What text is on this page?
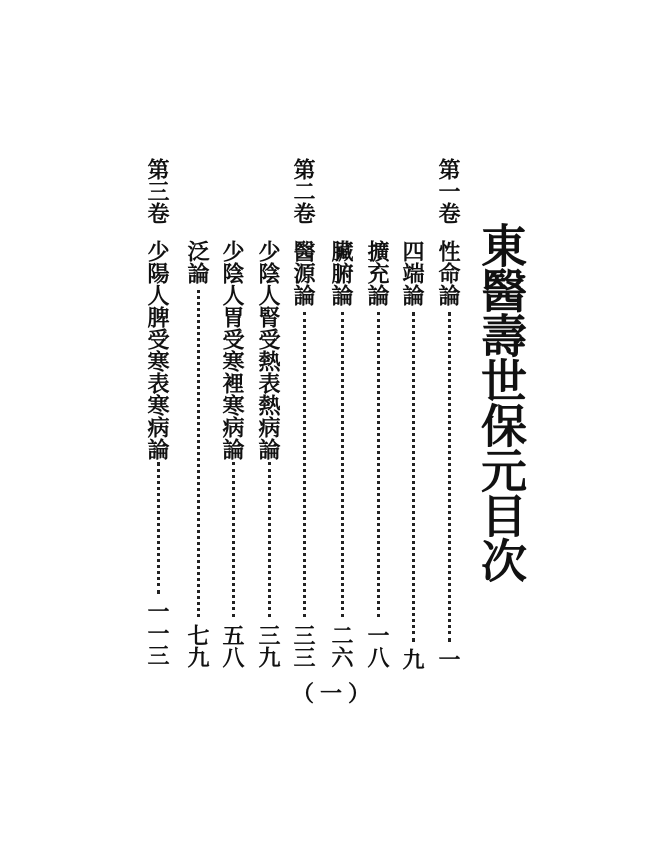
東醫壽世保元目次
第一卷
性命論
一
四端論
九
擴充論
一八
臟腑論
二六
第二卷
醫源論
三三
少陰人腎受熱表熱病論
三九
少陰人胃受寒裡寒病論
五八
泛論
七九
第三卷
少陽人脾受寒表寒病論
一一三
（一）
